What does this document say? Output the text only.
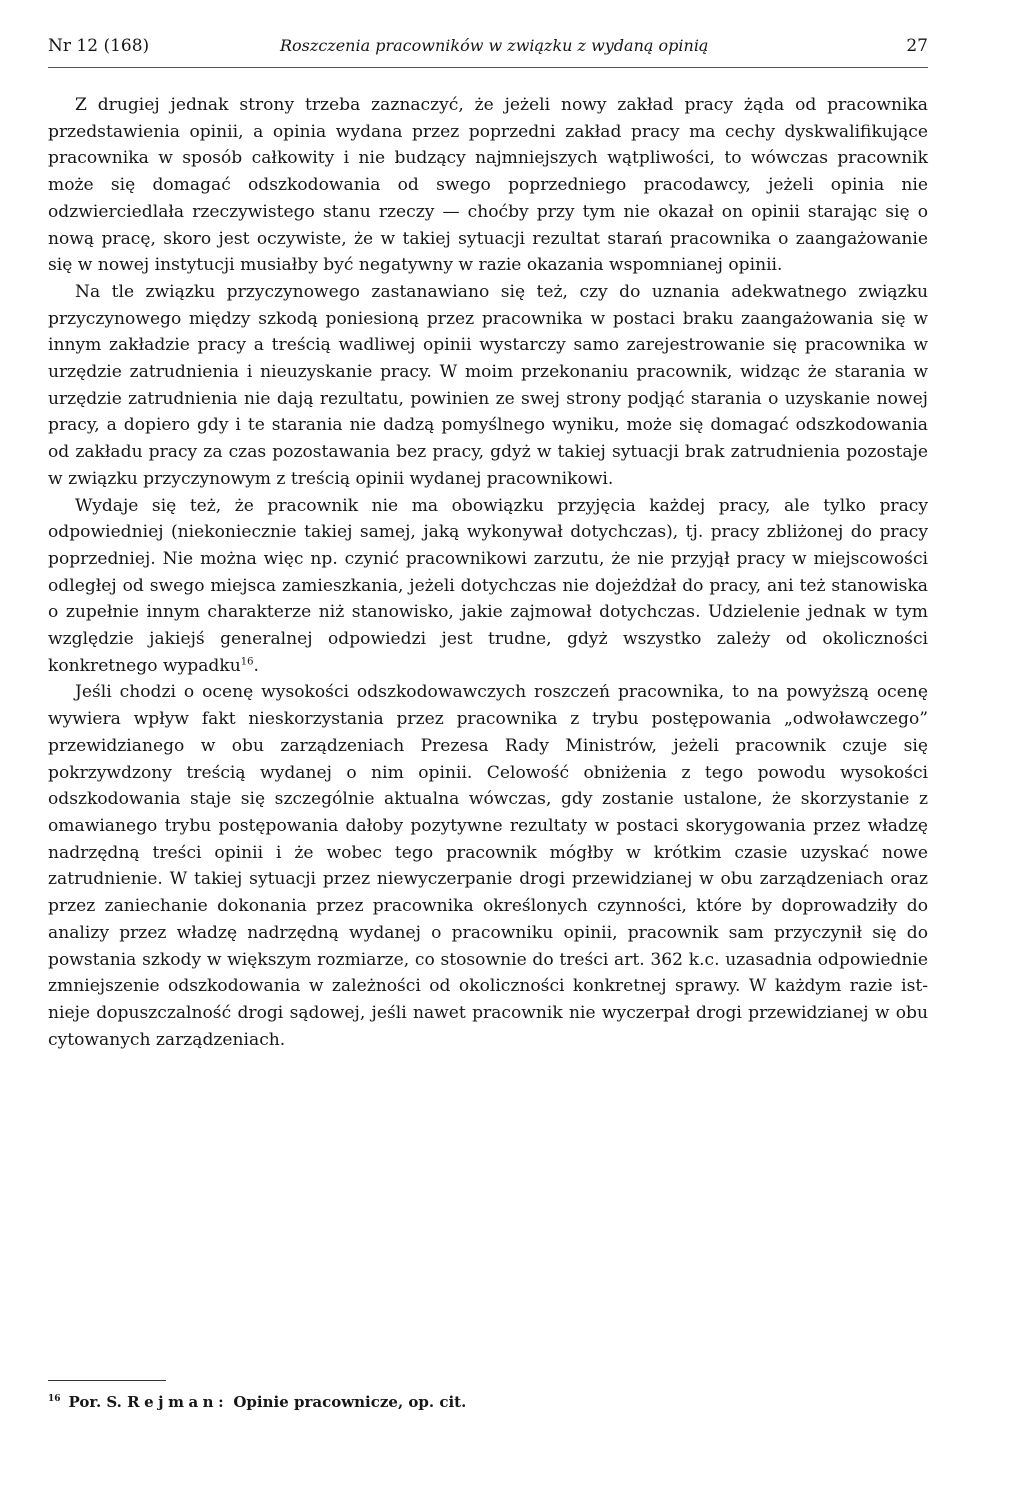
Nr 12 (168)	Roszczenia pracowników w związku z wydaną opinią	27

Z drugiej jednak strony trzeba zaznaczyć, że jeżeli nowy zakład pracy żąda od pracownika przedstawienia opinii, a opinia wydana przez poprzedni zakład pracy ma cechy dyskwalifikujące pracownika w sposób całkowity i nie budzący najmniejszych wątpliwości, to wówczas pracownik może się domagać odszkodowania od swego poprzedniego pracodawcy, jeżeli opinia nie odzwierciedlała rzeczywistego stanu rzeczy — choćby przy tym nie okazał on opinii starając się o nową pracę, skoro jest oczywiste, że w takiej sytuacji rezultat starań pracownika o zaangażowanie się w nowej instytucji musiałby być negatywny w razie okazania wspomnianej opinii.

Na tle związku przyczynowego zastanawiano się też, czy do uznania adekwatnego związku przyczynowego między szkodą poniesioną przez pracownika w postaci braku zaangażowania się w innym zakładzie pracy a treścią wadliwej opinii wystarczy samo zarejestrowanie się pracownika w urzędzie zatrudnienia i nieuzyskanie pracy. W moim przekonaniu pracownik, widząc że starania w urzędzie zatrudnienia nie dają rezultatu, powinien ze swej strony podjąć starania o uzyskanie nowej pracy, a dopiero gdy i te starania nie dadzą pomyślnego wyniku, może się domagać odszkodowania od zakładu pracy za czas pozostawania bez pracy, gdyż w takiej sytuacji brak zatrudnienia pozostaje w związku przyczynowym z treścią opinii wydanej pracownikowi.

Wydaje się też, że pracownik nie ma obowiązku przyjęcia każdej pracy, ale tylko pracy odpowiedniej (niekoniecznie takiej samej, jaką wykonywał dotychczas), tj. pracy zbliżonej do pracy poprzedniej. Nie można więc np. czynić pracownikowi zarzutu, że nie przyjął pracy w miejscowości odległej od swego miejsca zamieszkania, jeżeli dotychczas nie dojeżdżał do pracy, ani też stanowiska o zupełnie innym charakterze niż stanowisko, jakie zajmował dotychczas. Udzielenie jednak w tym względzie jakiejś generalnej odpowiedzi jest trudne, gdyż wszystko zależy od okoliczności konkretnego wypadku$^{16}$.

Jeśli chodzi o ocenę wysokości odszkodowawczych roszczeń pracownika, to na powyższą ocenę wywiera wpływ fakt nieskorzystania przez pracownika z trybu postępowania „odwoławczego” przewidzianego w obu zarządzeniach Prezesa Rady Ministrów, jeżeli pracownik czuje się pokrzywdzony treścią wydanej o nim opinii. Celowość obniżenia z tego powodu wysokości odszkodowania staje się szczególnie aktualna wówczas, gdy zostanie ustalone, że skorzystanie z omawianego trybu postępowania dałoby pozytywne rezultaty w postaci skorygowania przez władzę nadrzędną treści opinii i że wobec tego pracownik mógłby w krótkim czasie uzyskać nowe zatrudnienie. W takiej sytuacji przez niewyczerpanie drogi przewidzianej w obu zarządzeniach oraz przez zaniechanie dokonania przez pracownika określonych czynności, które by doprowadziły do analizy przez władzę nadrzędną wydanej o pracowniku opinii, pracownik sam przyczynił się do powstania szkody w większym rozmiarze, co stosownie do treści art. 362 k.c. uzasadnia odpowiednie zmniejszenie odszkodowania w zależności od okoliczności konkretnej sprawy. W każdym razie istnieje dopuszczalność drogi sądowej, jeśli nawet pracownik nie wyczerpał drogi przewidzianej w obu cytowanych zarządzeniach.

$^{16}$ Por. S. Rejman: Opinie pracownicze, op. cit.
